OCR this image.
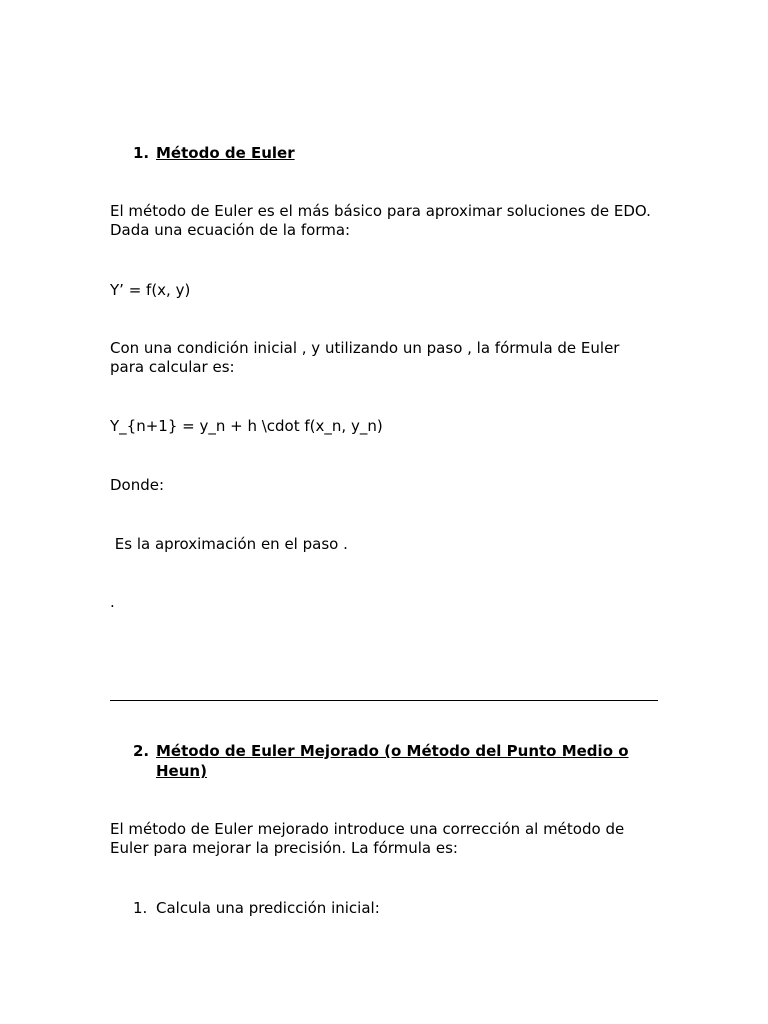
1. Método de Euler
El método de Euler es el más básico para aproximar soluciones de EDO. Dada una ecuación de la forma:
Y’ = f(x, y)
Con una condición inicial , y utilizando un paso , la fórmula de Euler para calcular es:
Y_{n+1} = y_n + h \cdot f(x_n, y_n)
Donde:
Es la aproximación en el paso .
.
2. Método de Euler Mejorado (o Método del Punto Medio o Heun)
El método de Euler mejorado introduce una corrección al método de Euler para mejorar la precisión. La fórmula es:
1. Calcula una predicción inicial:
